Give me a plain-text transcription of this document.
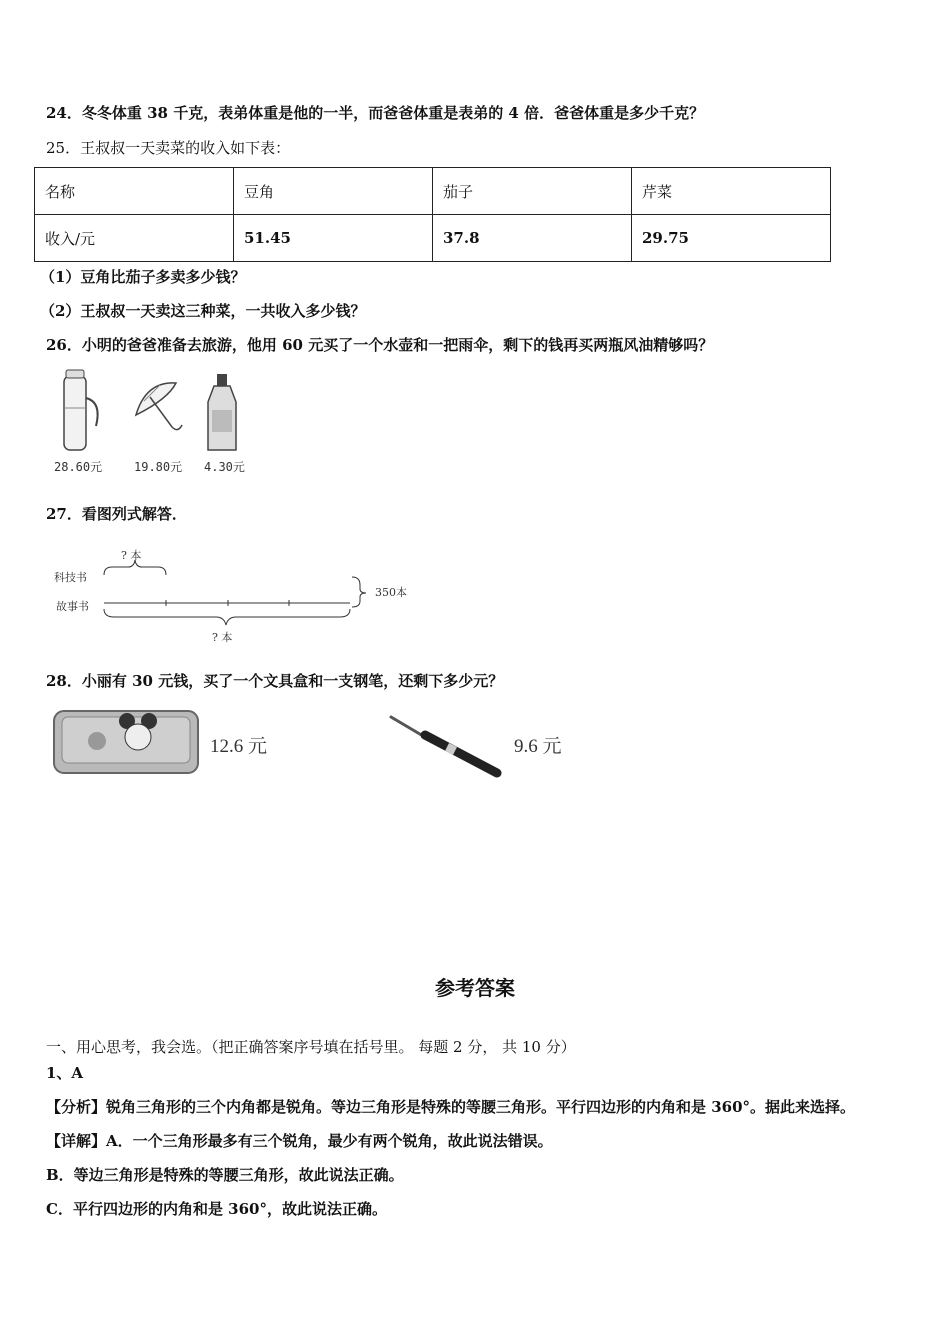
24．冬冬体重 38 千克，表弟体重是他的一半，而爸爸体重是表弟的 4 倍．爸爸体重是多少千克？
25．王叔叔一天卖菜的收入如下表：
名称	豆角	茄子	芹菜
收入/元	51.45	37.8	29.75
（1）豆角比茄子多卖多少钱？
（2）王叔叔一天卖这三种菜，一共收入多少钱？
26．小明的爸爸准备去旅游，他用 60 元买了一个水壶和一把雨伞，剩下的钱再买两瓶风油精够吗？
28.60元	19.80元 4.30元
27．看图列式解答．
? 本
科技书
故事书
350本
? 本
28．小丽有 30 元钱，买了一个文具盒和一支钢笔，还剩下多少元？
12.6 元	9.6 元
参考答案
一、用心思考，我会选。（把正确答案序号填在括号里。 每题 2 分， 共 10 分）
1、A
【分析】锐角三角形的三个内角都是锐角。等边三角形是特殊的等腰三角形。平行四边形的内角和是 360°。据此来选择。
【详解】A．一个三角形最多有三个锐角，最少有两个锐角，故此说法错误。
B．等边三角形是特殊的等腰三角形，故此说法正确。
C．平行四边形的内角和是 360°，故此说法正确。
